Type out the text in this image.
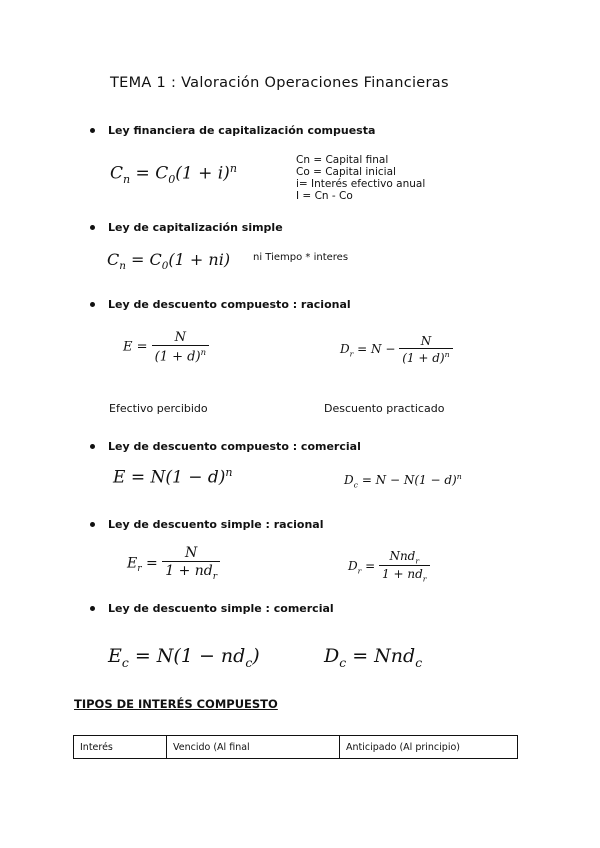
TEMA 1 : Valoración Operaciones Financieras
Ley financiera de capitalización compuesta
$C_n = C_0(1 + i)^n$
Cn = Capital final
Co = Capital inicial
i= Interés efectivo anual
I = Cn - Co
Ley de capitalización simple
$C_n = C_0(1 + ni)$ ni Tiempo * interes
Ley de descuento compuesto : racional
$E = \frac{N}{(1 + d)^n}$	$D_r = N - \frac{N}{(1 + d)^n}$
Efectivo percibido	Descuento practicado
Ley de descuento compuesto : comercial
$E = N(1 - d)^n$
$D_c = N - N(1 - d)^n$
Ley de descuento simple : racional
$E_r = \frac{N}{1 + nd_r}$	$D_r = \frac{Nnd_r}{1 + nd_r}$
Ley de descuento simple : comercial
$E_c = N(1 - nd_c)$	$D_c = Nnd_c$
TIPOS DE INTERÉS COMPUESTO
Interés	Vencido (Al final	Anticipado (Al principio)
